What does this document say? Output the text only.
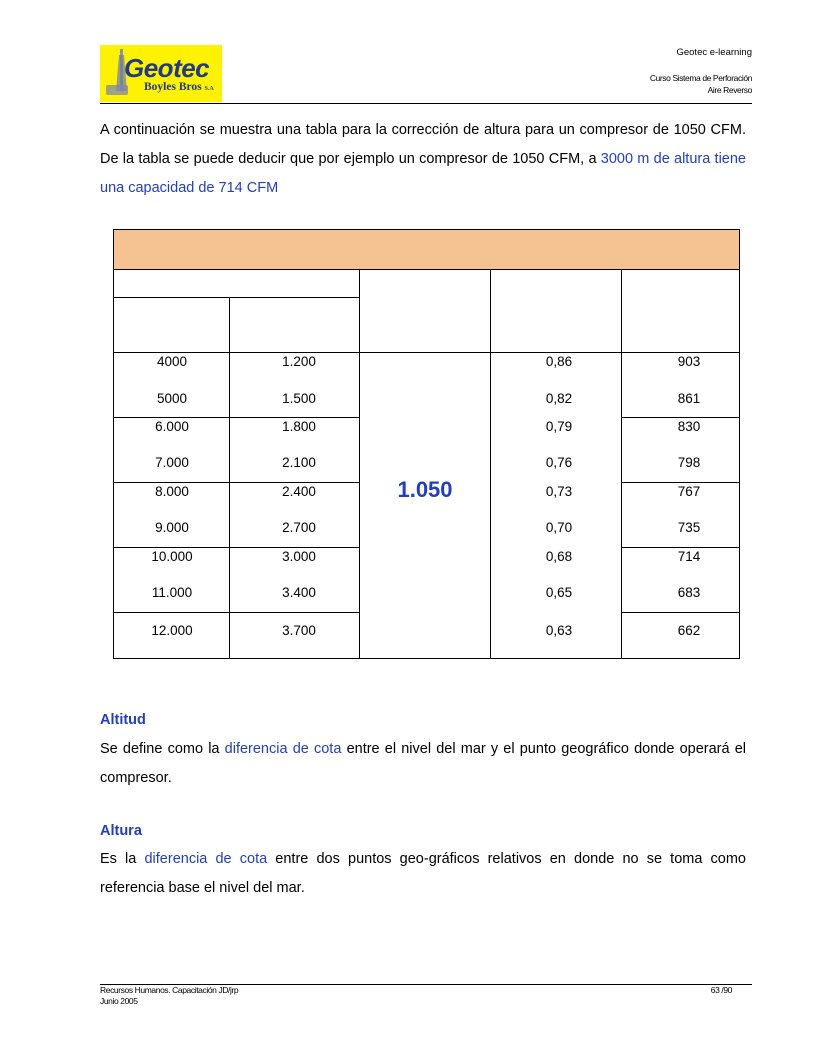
Geotec
Boyles Bros S.A
Geotec e-learning
Curso Sistema de Perforación
Aire Reverso
A continuación se muestra una tabla para la corrección de altura para un compresor de 1050 CFM. De la tabla se puede deducir que por ejemplo un compresor de 1050 CFM, a 3000 m de altura tiene una capacidad de 714 CFM
1.050
4000	1.200	0,86	903
5000	1.500	0,82	861
6.000	1.800	0,79	830
7.000	2.100	0,76	798
8.000	2.400	0,73	767
9.000	2.700	0,70	735
10.000	3.000	0,68	714
11.000	3.400	0,65	683
12.000	3.700	0,63	662
Altitud
Se define como la diferencia de cota entre el nivel del mar y el punto geográfico donde operará el compresor.
Altura
Es la diferencia de cota entre dos puntos geo-gráficos relativos en donde no se toma como referencia base el nivel del mar.
Recursos Humanos. Capacitación JD/jrp
Junio 2005
63 /90
